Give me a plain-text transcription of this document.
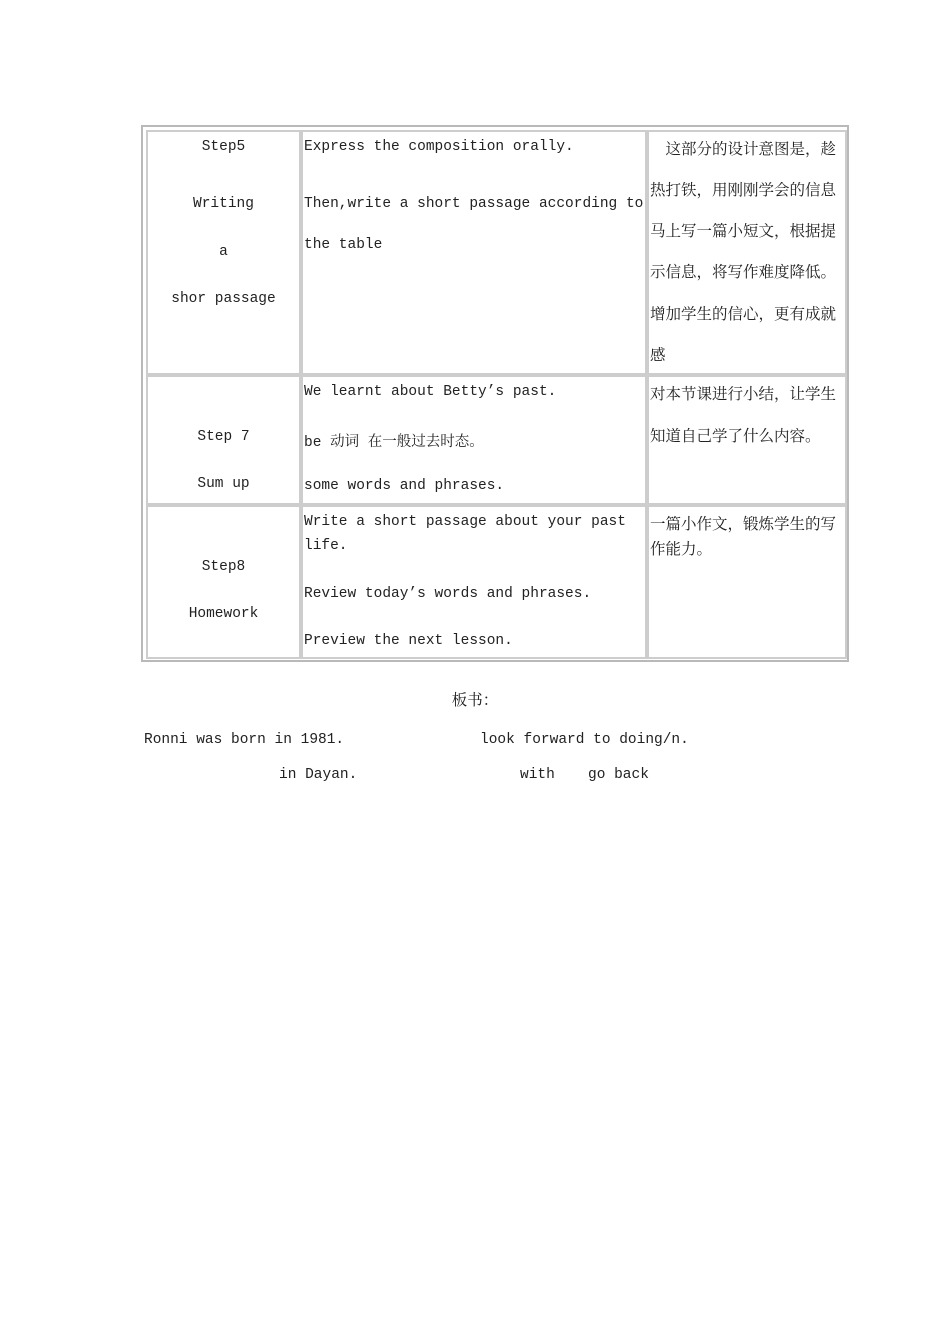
Step5
Writing
a
shor passage
Express the composition orally.
Then,write a short passage according to
the table
　这部分的设计意图是，趁
热打铁，用刚刚学会的信息
马上写一篇小短文，根据提
示信息，将写作难度降低。
增加学生的信心，更有成就
感
Step 7
Sum up
We learnt about Betty’s past.
be 动词 在一般过去时态。
some words and phrases.
对本节课进行小结，让学生
知道自己学了什么内容。
Step8
Homework
Write a short passage about your past
life.
Review today’s words and phrases.
Preview the next lesson.
一篇小作文，锻炼学生的写
作能力。
板书：
Ronni was born in 1981.	look forward to doing/n.
in Dayan.	with go back
